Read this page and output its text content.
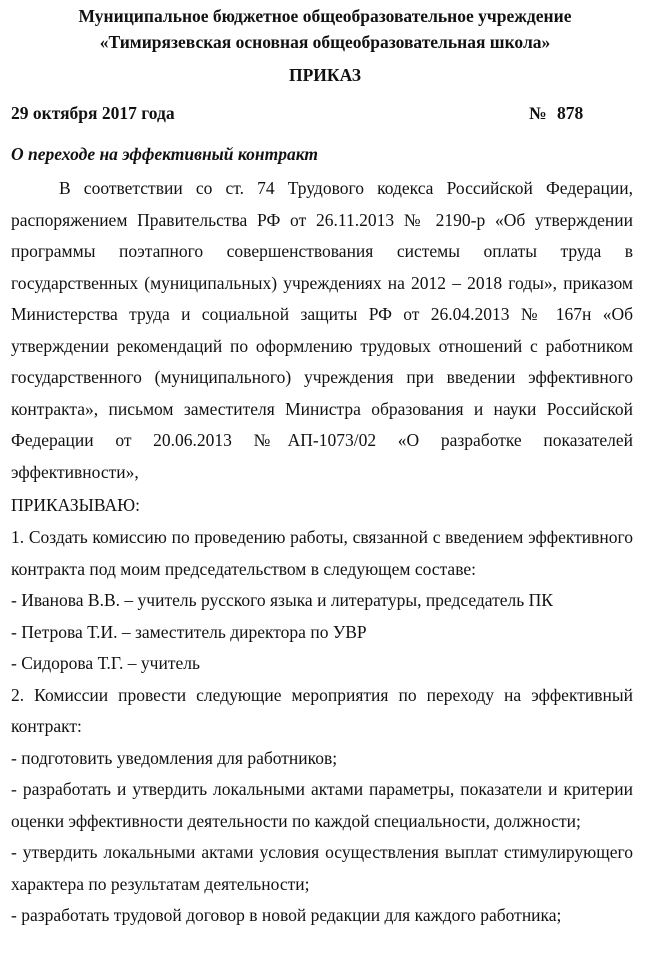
Муниципальное бюджетное общеобразовательное учреждение
«Тимирязевская основная общеобразовательная школа»
ПРИКАЗ
29 октября 2017 года	№ 878
О переходе на эффективный контракт
В соответствии со ст. 74 Трудового кодекса Российской Федерации, распоряжением Правительства РФ от 26.11.2013 № 2190-р «Об утверждении программы поэтапного совершенствования системы оплаты труда в государственных (муниципальных) учреждениях на 2012 – 2018 годы», приказом Министерства труда и социальной защиты РФ от 26.04.2013 № 167н «Об утверждении рекомендаций по оформлению трудовых отношений с работником государственного (муниципального) учреждения при введении эффективного контракта», письмом заместителя Министра образования и науки Российской Федерации от 20.06.2013 №АП-1073/02 «О разработке показателей эффективности»,
ПРИКАЗЫВАЮ:

1. Создать комиссию по проведению работы, связанной с введением эффективного контракта под моим председательством в следующем составе:

- Иванова В.В. – учитель русского языка и литературы, председатель ПК

- Петрова Т.И. – заместитель директора по УВР

- Сидорова Т.Г. – учитель

2. Комиссии провести следующие мероприятия по переходу на эффективный контракт:

- подготовить уведомления для работников;

- разработать и утвердить локальными актами параметры, показатели и критерии оценки эффективности деятельности по каждой специальности, должности;

- утвердить локальными актами условия осуществления выплат стимулирующего характера по результатам деятельности;

- разработать трудовой договор в новой редакции для каждого работника;
